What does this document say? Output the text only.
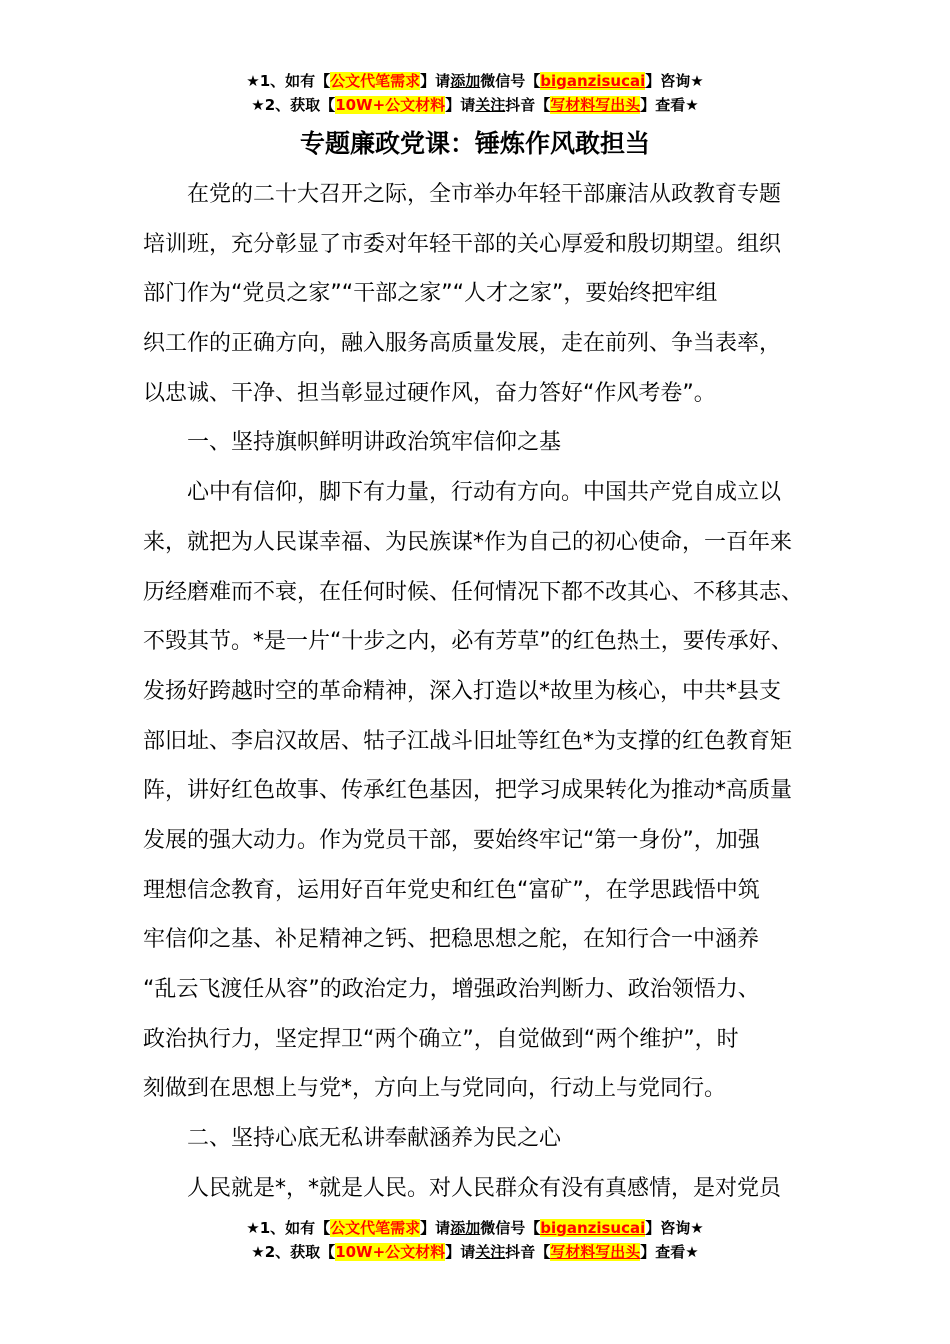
★1、如有【公文代笔需求】请添加微信号【biganzisucai】咨询★
★2、获取【10W+公文材料】请关注抖音【写材料写出头】查看★
专题廉政党课：锤炼作风敢担当
在党的二十大召开之际，全市举办年轻干部廉洁从政教育专题
培训班，充分彰显了市委对年轻干部的关心厚爱和殷切期望。组织
部门作为“党员之家”“干部之家”“人才之家”，要始终把牢组
织工作的正确方向，融入服务高质量发展，走在前列、争当表率，
以忠诚、干净、担当彰显过硬作风，奋力答好“作风考卷”。
一、坚持旗帜鲜明讲政治筑牢信仰之基
心中有信仰，脚下有力量，行动有方向。中国共产党自成立以
来，就把为人民谋幸福、为民族谋*作为自己的初心使命，一百年来
历经磨难而不衰，在任何时候、任何情况下都不改其心、不移其志、
不毁其节。*是一片“十步之内，必有芳草”的红色热土，要传承好、
发扬好跨越时空的革命精神，深入打造以*故里为核心，中共*县支
部旧址、李启汉故居、牯子江战斗旧址等红色*为支撑的红色教育矩
阵，讲好红色故事、传承红色基因，把学习成果转化为推动*高质量
发展的强大动力。作为党员干部，要始终牢记“第一身份”，加强
理想信念教育，运用好百年党史和红色“富矿”，在学思践悟中筑
牢信仰之基、补足精神之钙、把稳思想之舵，在知行合一中涵养
“乱云飞渡任从容”的政治定力，增强政治判断力、政治领悟力、
政治执行力，坚定捍卫“两个确立”，自觉做到“两个维护”，时
刻做到在思想上与党*，方向上与党同向，行动上与党同行。
二、坚持心底无私讲奉献涵养为民之心
人民就是*，*就是人民。对人民群众有没有真感情，是对党员
★1、如有【公文代笔需求】请添加微信号【biganzisucai】咨询★
★2、获取【10W+公文材料】请关注抖音【写材料写出头】查看★
